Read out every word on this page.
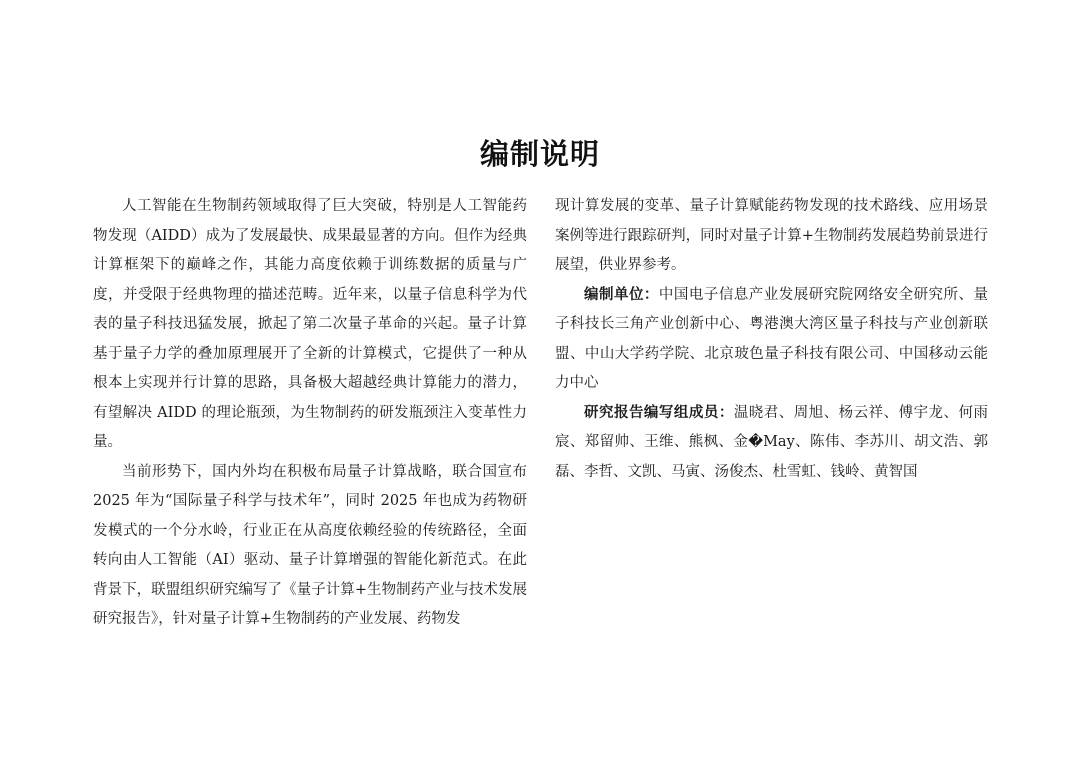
编制说明

人工智能在生物制药领域取得了巨大突破，特别是人工智能药物发现（AIDD）成为了发展最快、成果最显著的方向。但作为经典计算框架下的巅峰之作，其能力高度依赖于训练数据的质量与广度，并受限于经典物理的描述范畴。近年来，以量子信息科学为代表的量子科技迅猛发展，掀起了第二次量子革命的兴起。量子计算基于量子力学的叠加原理展开了全新的计算模式，它提供了一种从根本上实现并行计算的思路，具备极大超越经典计算能力的潜力，有望解决 AIDD 的理论瓶颈，为生物制药的研发瓶颈注入变革性力量。

当前形势下，国内外均在积极布局量子计算战略，联合国宣布2025 年为“国际量子科学与技术年”，同时 2025 年也成为药物研发模式的一个分水岭，行业正在从高度依赖经验的传统路径，全面转向由人工智能（AI）驱动、量子计算增强的智能化新范式。在此背景下，联盟组织研究编写了《量子计算+生物制药产业与技术发展研究报告》，针对量子计算+生物制药的产业发展、药物发

现计算发展的变革、量子计算赋能药物发现的技术路线、应用场景案例等进行跟踪研判，同时对量子计算+生物制药发展趋势前景进行展望，供业界参考。

编制单位：中国电子信息产业发展研究院网络安全研究所、量子科技长三角产业创新中心、粤港澳大湾区量子科技与产业创新联盟、中山大学药学院、北京玻色量子科技有限公司、中国移动云能力中心

研究报告编写组成员：温晓君、周旭、杨云祥、傅宇龙、何雨宸、郑留帅、王维、熊枫、金�May、陈伟、李苏川、胡文浩、郭磊、李哲、文凯、马寅、汤俊杰、杜雪虹、钱岭、黄智国
